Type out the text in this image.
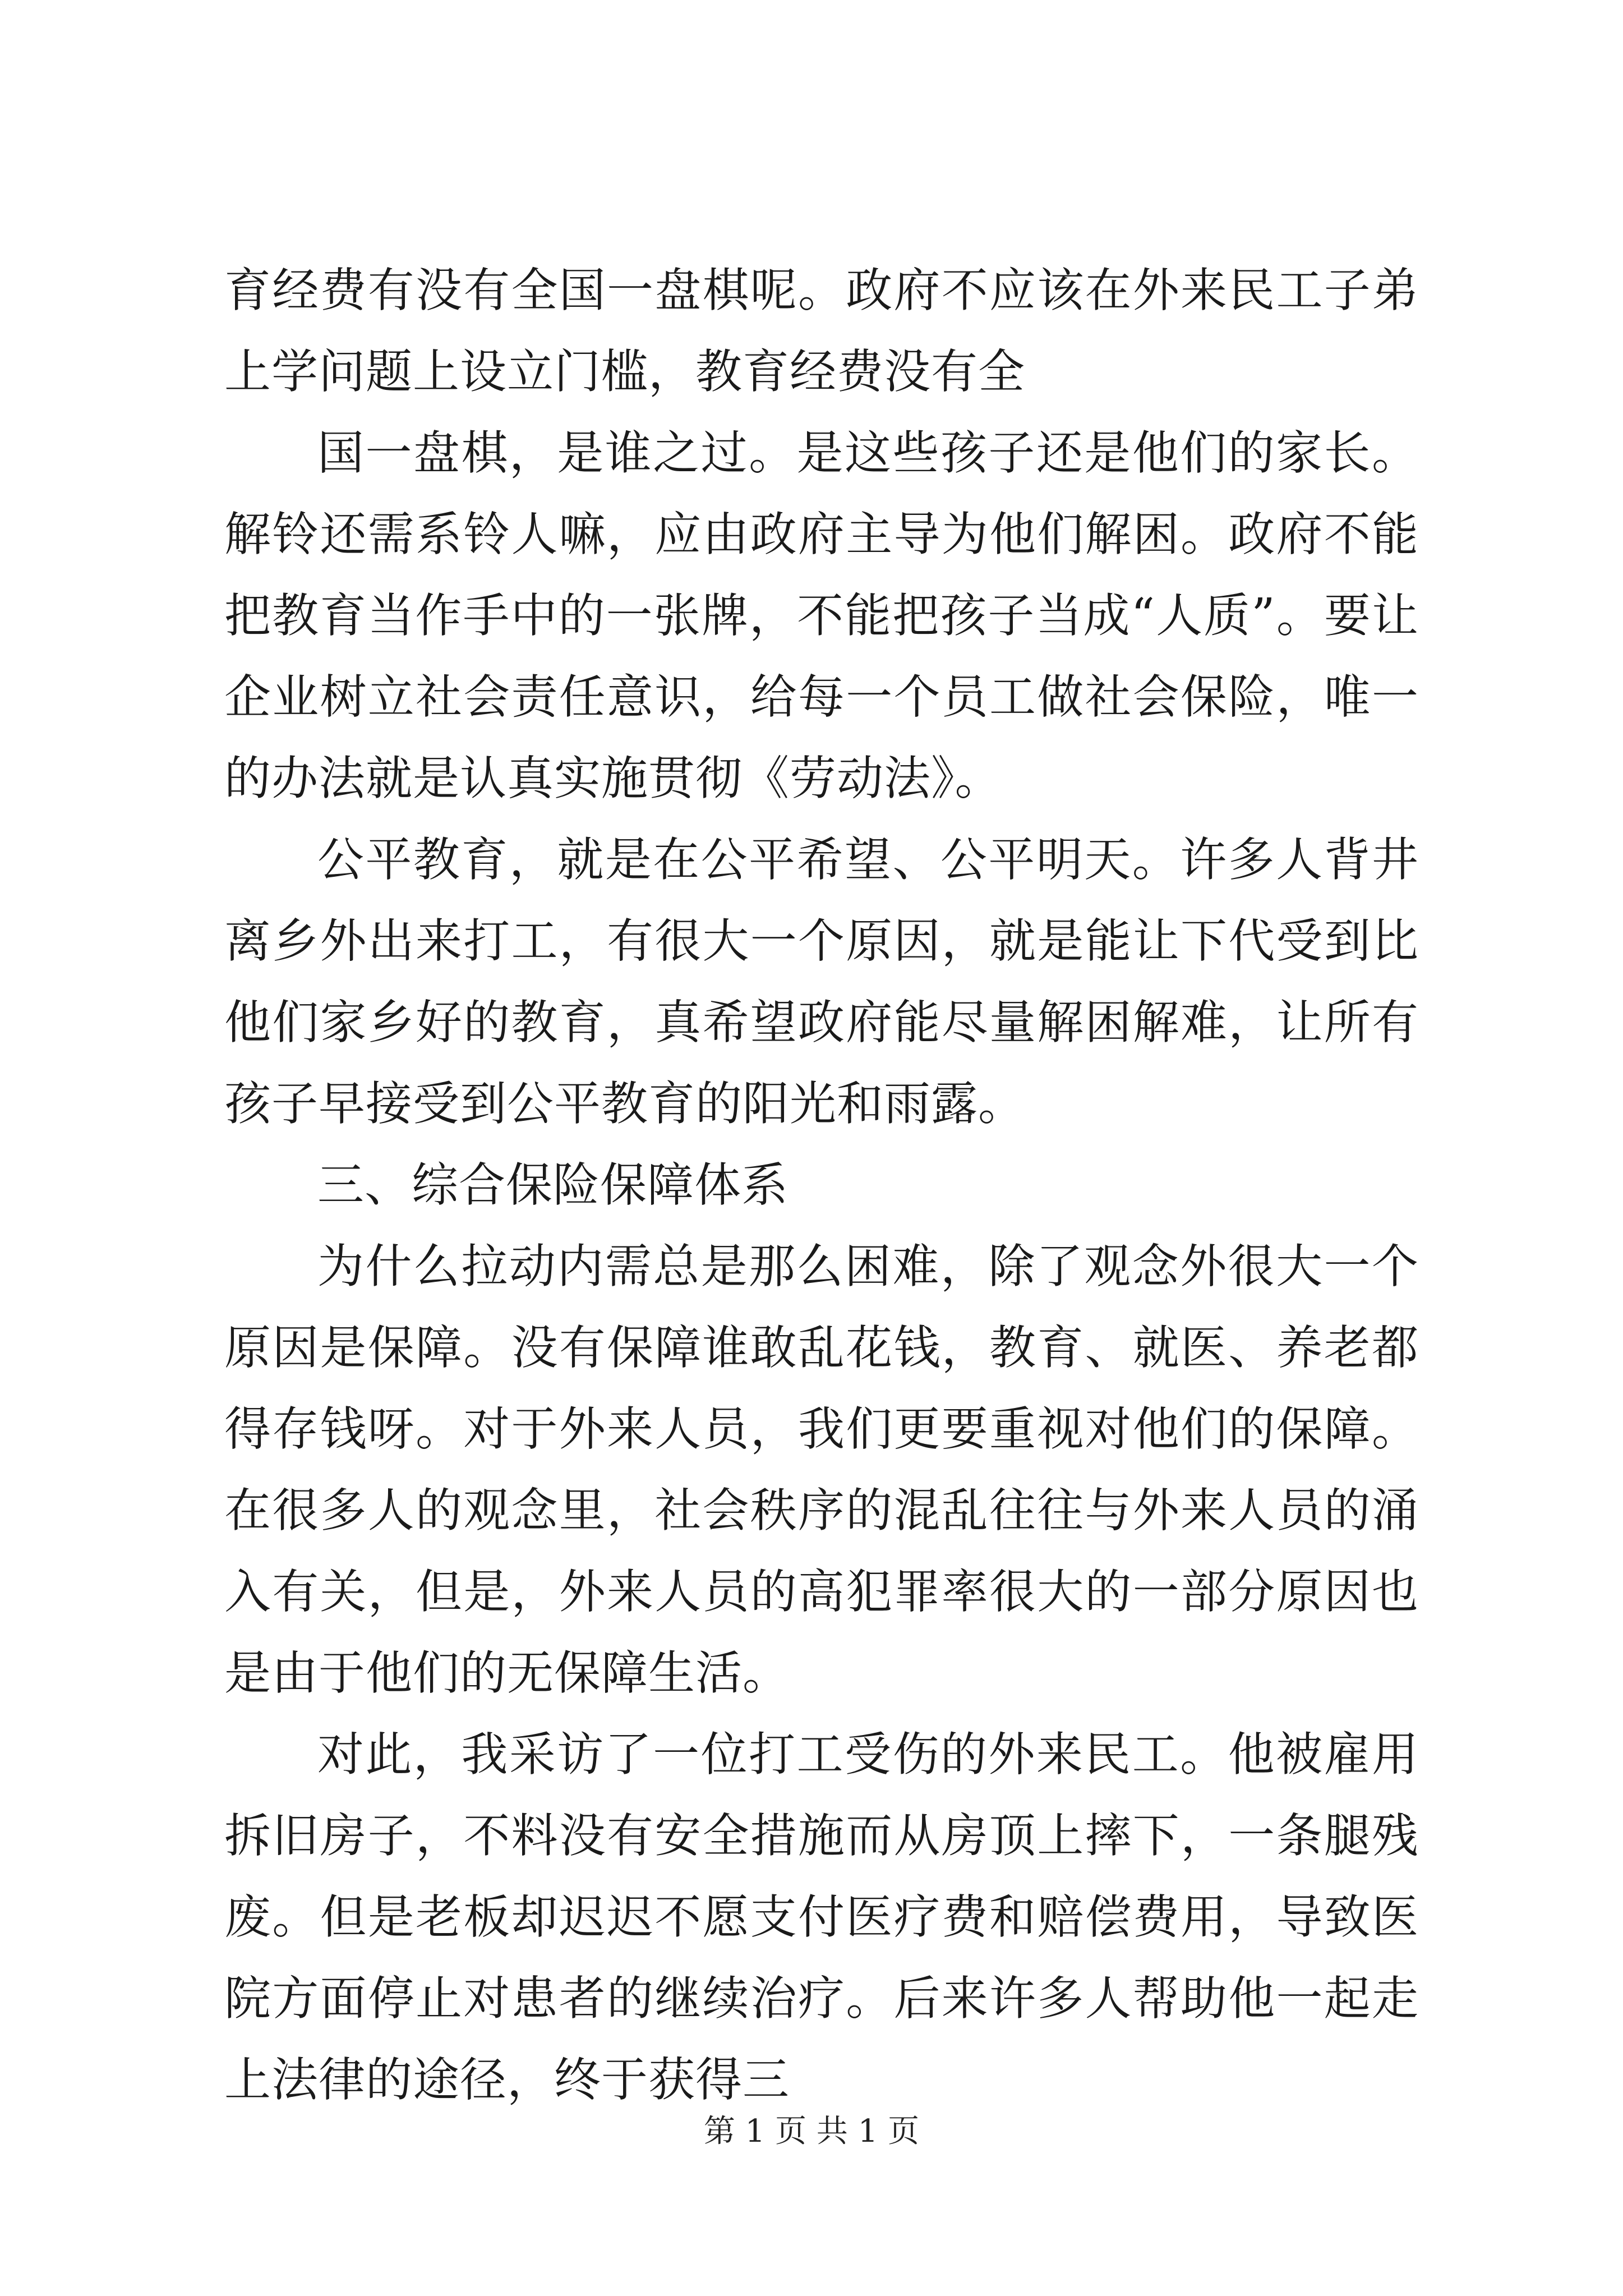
育经费有没有全国一盘棋呢。政府不应该在外来民工子弟上学问题上设立门槛，教育经费没有全

国一盘棋，是谁之过。是这些孩子还是他们的家长。解铃还需系铃人嘛，应由政府主导为他们解困。政府不能把教育当作手中的一张牌，不能把孩子当成“人质”。要让企业树立社会责任意识，给每一个员工做社会保险，唯一的办法就是认真实施贯彻《劳动法》。

公平教育，就是在公平希望、公平明天。许多人背井离乡外出来打工，有很大一个原因，就是能让下代受到比他们家乡好的教育，真希望政府能尽量解困解难，让所有孩子早接受到公平教育的阳光和雨露。

三、综合保险保障体系

为什么拉动内需总是那么困难，除了观念外很大一个原因是保障。没有保障谁敢乱花钱，教育、就医、养老都得存钱呀。对于外来人员，我们更要重视对他们的保障。在很多人的观念里，社会秩序的混乱往往与外来人员的涌入有关，但是，外来人员的高犯罪率很大的一部分原因也是由于他们的无保障生活。

对此，我采访了一位打工受伤的外来民工。他被雇用拆旧房子，不料没有安全措施而从房顶上摔下，一条腿残废。但是老板却迟迟不愿支付医疗费和赔偿费用，导致医院方面停止对患者的继续治疗。后来许多人帮助他一起走上法律的途径，终于获得三

第 1 页 共 1 页
